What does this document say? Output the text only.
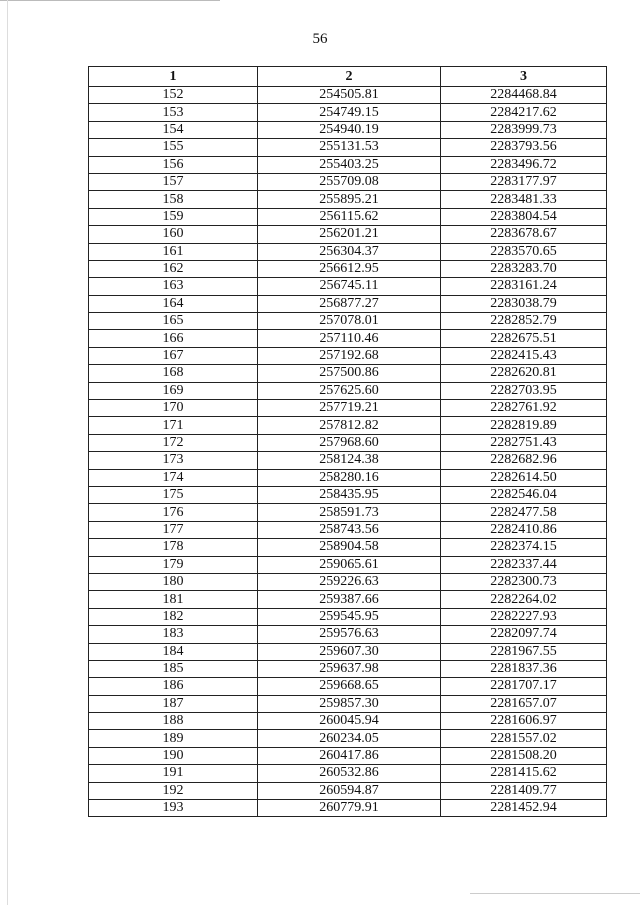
56
1	2	3
152	254505.81	2284468.84
153	254749.15	2284217.62
154	254940.19	2283999.73
155	255131.53	2283793.56
156	255403.25	2283496.72
157	255709.08	2283177.97
158	255895.21	2283481.33
159	256115.62	2283804.54
160	256201.21	2283678.67
161	256304.37	2283570.65
162	256612.95	2283283.70
163	256745.11	2283161.24
164	256877.27	2283038.79
165	257078.01	2282852.79
166	257110.46	2282675.51
167	257192.68	2282415.43
168	257500.86	2282620.81
169	257625.60	2282703.95
170	257719.21	2282761.92
171	257812.82	2282819.89
172	257968.60	2282751.43
173	258124.38	2282682.96
174	258280.16	2282614.50
175	258435.95	2282546.04
176	258591.73	2282477.58
177	258743.56	2282410.86
178	258904.58	2282374.15
179	259065.61	2282337.44
180	259226.63	2282300.73
181	259387.66	2282264.02
182	259545.95	2282227.93
183	259576.63	2282097.74
184	259607.30	2281967.55
185	259637.98	2281837.36
186	259668.65	2281707.17
187	259857.30	2281657.07
188	260045.94	2281606.97
189	260234.05	2281557.02
190	260417.86	2281508.20
191	260532.86	2281415.62
192	260594.87	2281409.77
193	260779.91	2281452.94
